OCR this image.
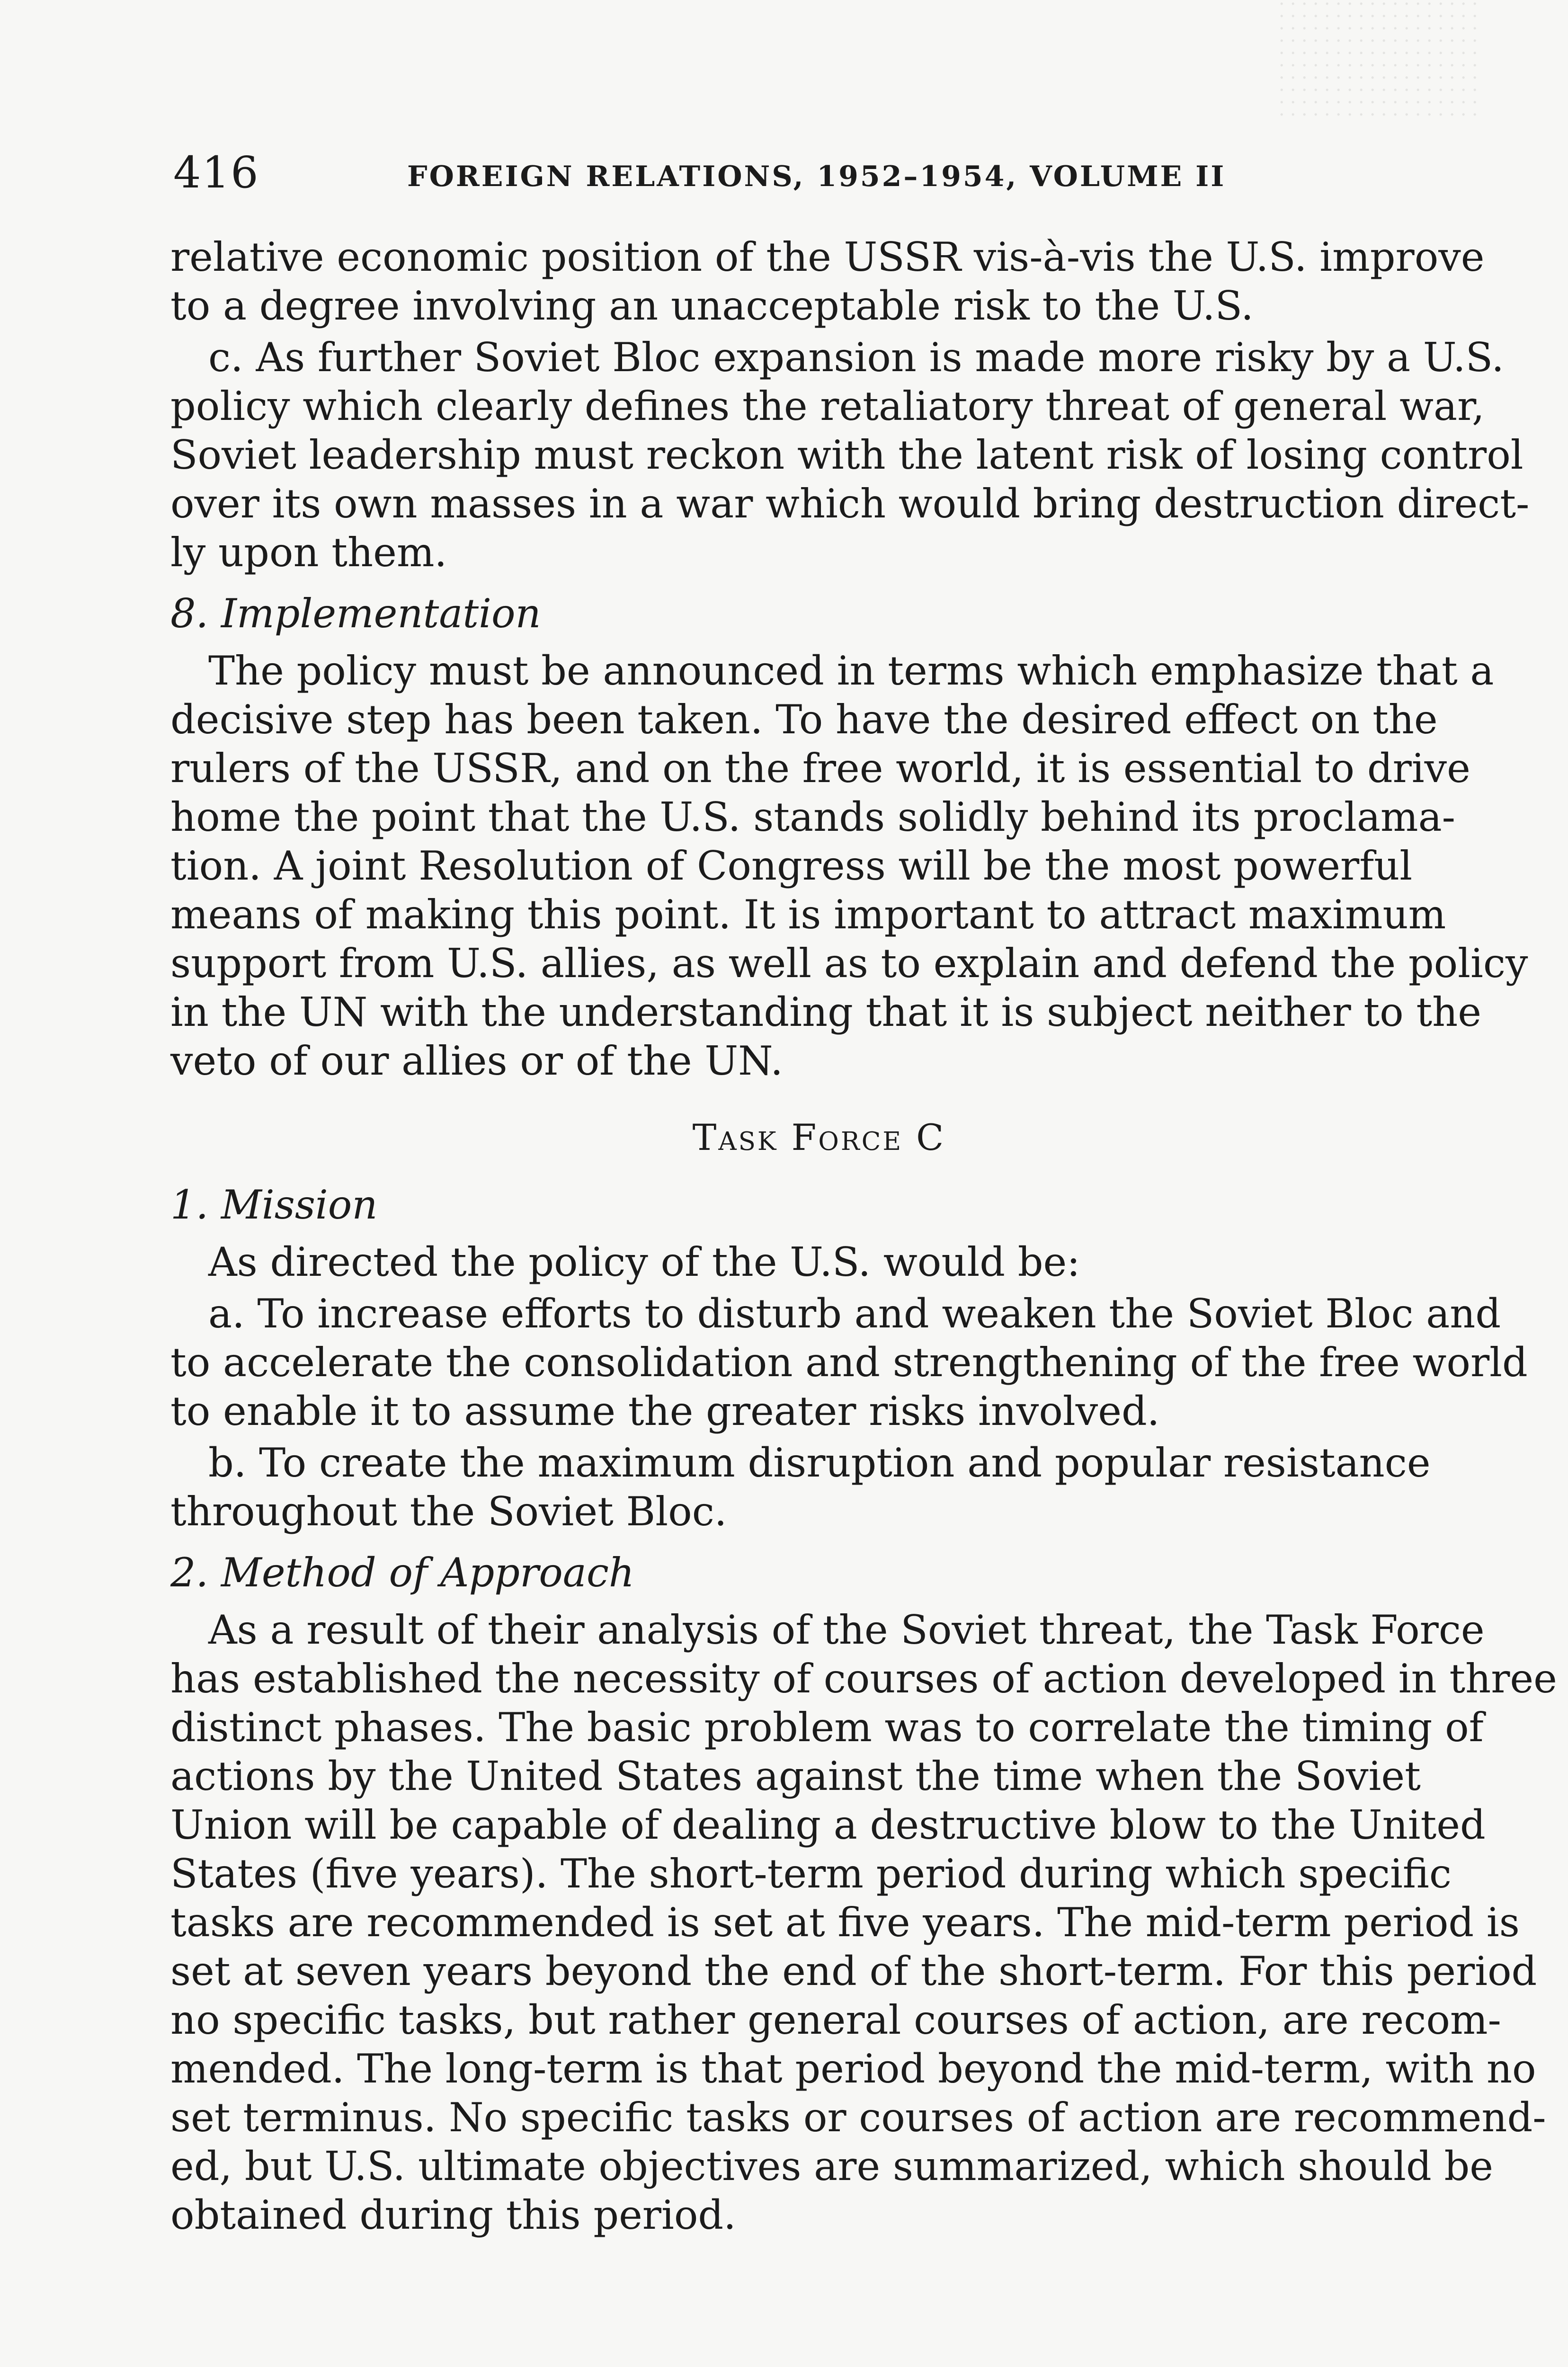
416	FOREIGN RELATIONS, 1952–1954, VOLUME II
relative economic position of the USSR vis-à-vis the U.S. improve
to a degree involving an unacceptable risk to the U.S.
c. As further Soviet Bloc expansion is made more risky by a U.S.
policy which clearly defines the retaliatory threat of general war,
Soviet leadership must reckon with the latent risk of losing control
over its own masses in a war which would bring destruction direct-
ly upon them.
8. Implementation
The policy must be announced in terms which emphasize that a
decisive step has been taken. To have the desired effect on the
rulers of the USSR, and on the free world, it is essential to drive
home the point that the U.S. stands solidly behind its proclama-
tion. A joint Resolution of Congress will be the most powerful
means of making this point. It is important to attract maximum
support from U.S. allies, as well as to explain and defend the policy
in the UN with the understanding that it is subject neither to the
veto of our allies or of the UN.
Task Force C
1. Mission
As directed the policy of the U.S. would be:
a. To increase efforts to disturb and weaken the Soviet Bloc and
to accelerate the consolidation and strengthening of the free world
to enable it to assume the greater risks involved.
b. To create the maximum disruption and popular resistance
throughout the Soviet Bloc.
2. Method of Approach
As a result of their analysis of the Soviet threat, the Task Force
has established the necessity of courses of action developed in three
distinct phases. The basic problem was to correlate the timing of
actions by the United States against the time when the Soviet
Union will be capable of dealing a destructive blow to the United
States (five years). The short-term period during which specific
tasks are recommended is set at five years. The mid-term period is
set at seven years beyond the end of the short-term. For this period
no specific tasks, but rather general courses of action, are recom-
mended. The long-term is that period beyond the mid-term, with no
set terminus. No specific tasks or courses of action are recommend-
ed, but U.S. ultimate objectives are summarized, which should be
obtained during this period.
